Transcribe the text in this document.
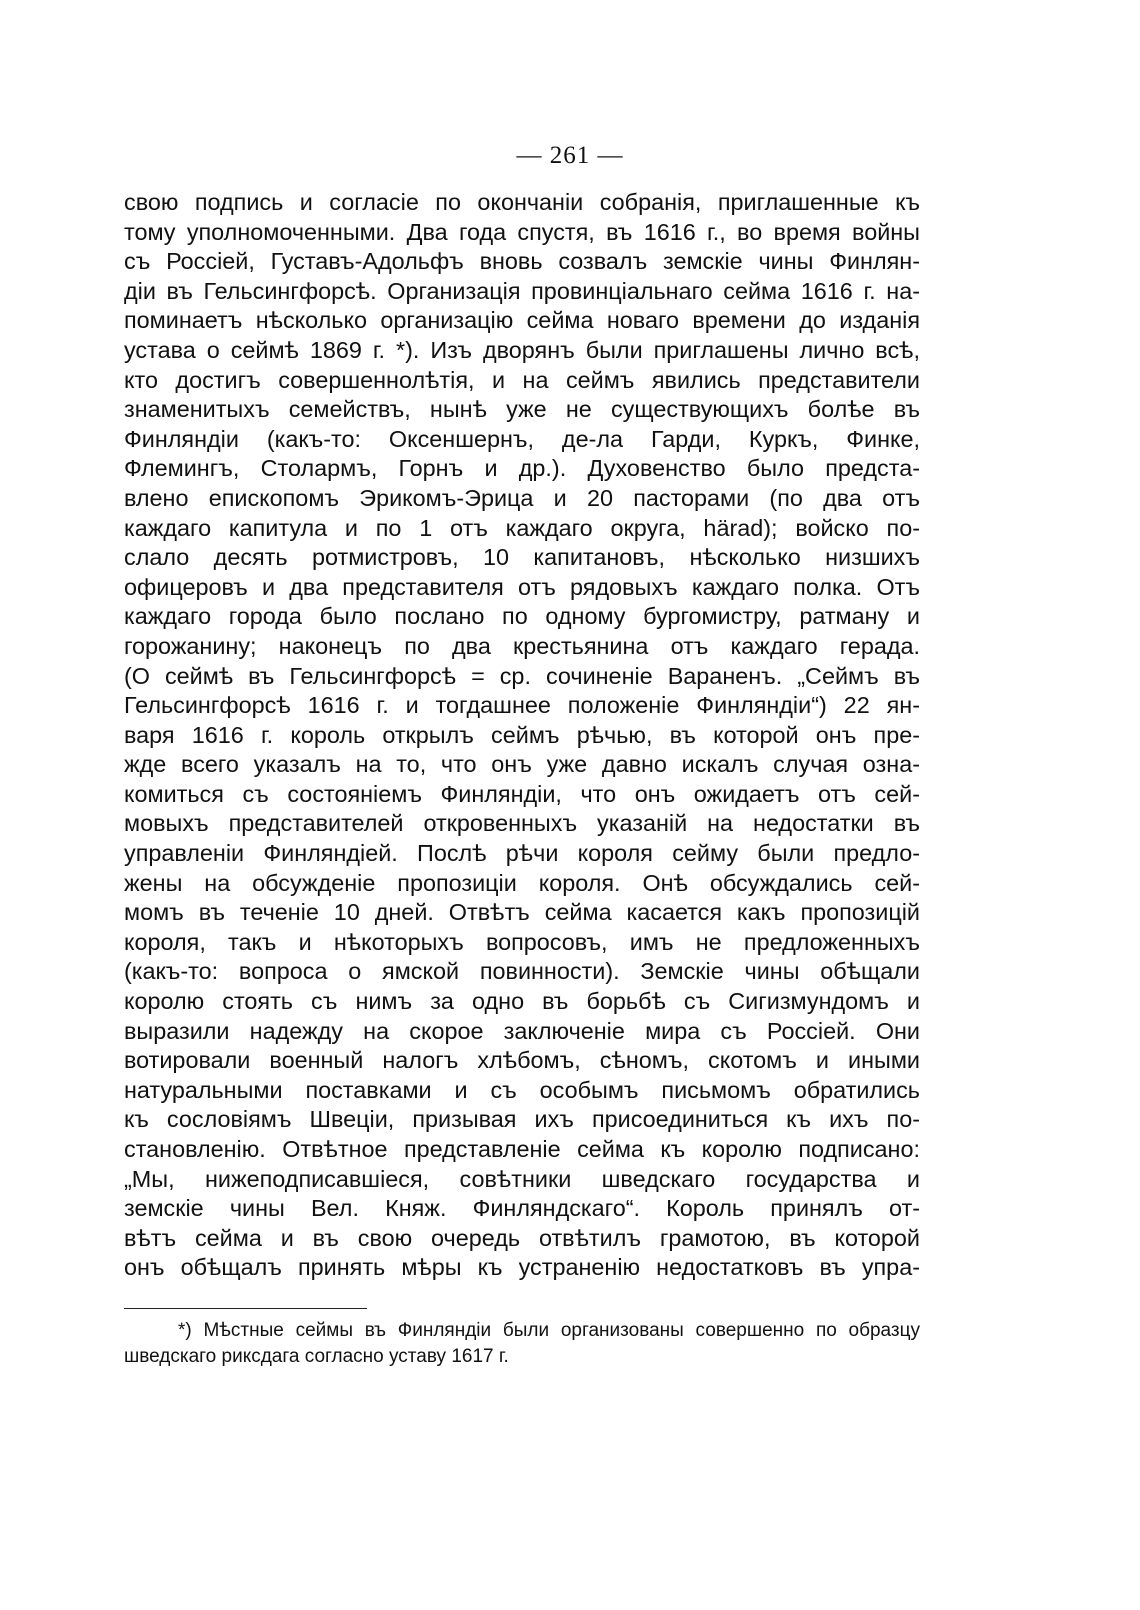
— 261 —
свою подпись и согласіе по окончаніи собранія, приглашенные къ
тому уполномоченными. Два года спустя, въ 1616 г., во время войны
съ Россіей, Густавъ-Адольфъ вновь созвалъ земскіе чины Финлян-
діи въ Гельсингфорсѣ. Организація провинціальнаго сейма 1616 г. на-
поминаетъ нѣсколько организацію сейма новаго времени до изданія
устава о сеймѣ 1869 г. *). Изъ дворянъ были приглашены лично всѣ,
кто достигъ совершеннолѣтія, и на сеймъ явились представители
знаменитыхъ семействъ, нынѣ уже не существующихъ болѣе въ
Финляндіи (какъ-то: Оксеншернъ, де-ла Гарди, Куркъ, Финке,
Флемингъ, Столармъ, Горнъ и др.). Духовенство было предста-
влено епископомъ Эрикомъ-Эрица и 20 пасторами (по два отъ
каждаго капитула и по 1 отъ каждаго округа, härad); войско по-
слало десять ротмистровъ, 10 капитановъ, нѣсколько низшихъ
офицеровъ и два представителя отъ рядовыхъ каждаго полка. Отъ
каждаго города было послано по одному бургомистру, ратману и
горожанину; наконецъ по два крестьянина отъ каждаго герада.
(О сеймѣ въ Гельсингфорсѣ = ср. сочиненіе Вараненъ. „Сеймъ въ
Гельсингфорсѣ 1616 г. и тогдашнее положеніе Финляндіи“) 22 ян-
варя 1616 г. король открылъ сеймъ рѣчью, въ которой онъ пре-
жде всего указалъ на то, что онъ уже давно искалъ случая озна-
комиться съ состояніемъ Финляндіи, что онъ ожидаетъ отъ сей-
мовыхъ представителей откровенныхъ указаній на недостатки въ
управленіи Финляндіей. Послѣ рѣчи короля сейму были предло-
жены на обсужденіе пропозиціи короля. Онѣ обсуждались сей-
момъ въ теченіе 10 дней. Отвѣтъ сейма касается какъ пропозицій
короля, такъ и нѣкоторыхъ вопросовъ, имъ не предложенныхъ
(какъ-то: вопроса о ямской повинности). Земскіе чины обѣщали
королю стоять съ нимъ за одно въ борьбѣ съ Сигизмундомъ и
выразили надежду на скорое заключеніе мира съ Россіей. Они
вотировали военный налогъ хлѣбомъ, сѣномъ, скотомъ и иными
натуральными поставками и съ особымъ письмомъ обратились
къ сословіямъ Швеціи, призывая ихъ присоединиться къ ихъ по-
становленію. Отвѣтное представленіе сейма къ королю подписано:
„Мы, нижеподписавшіеся, совѣтники шведскаго государства и
земскіе чины Вел. Княж. Финляндскаго“. Король принялъ от-
вѣтъ сейма и въ свою очередь отвѣтилъ грамотою, въ которой
онъ обѣщалъ принять мѣры къ устраненію недостатковъ въ упра-
*) Мѣстные сеймы въ Финляндіи были организованы совершенно по образцу
шведскаго риксдага согласно уставу 1617 г.
